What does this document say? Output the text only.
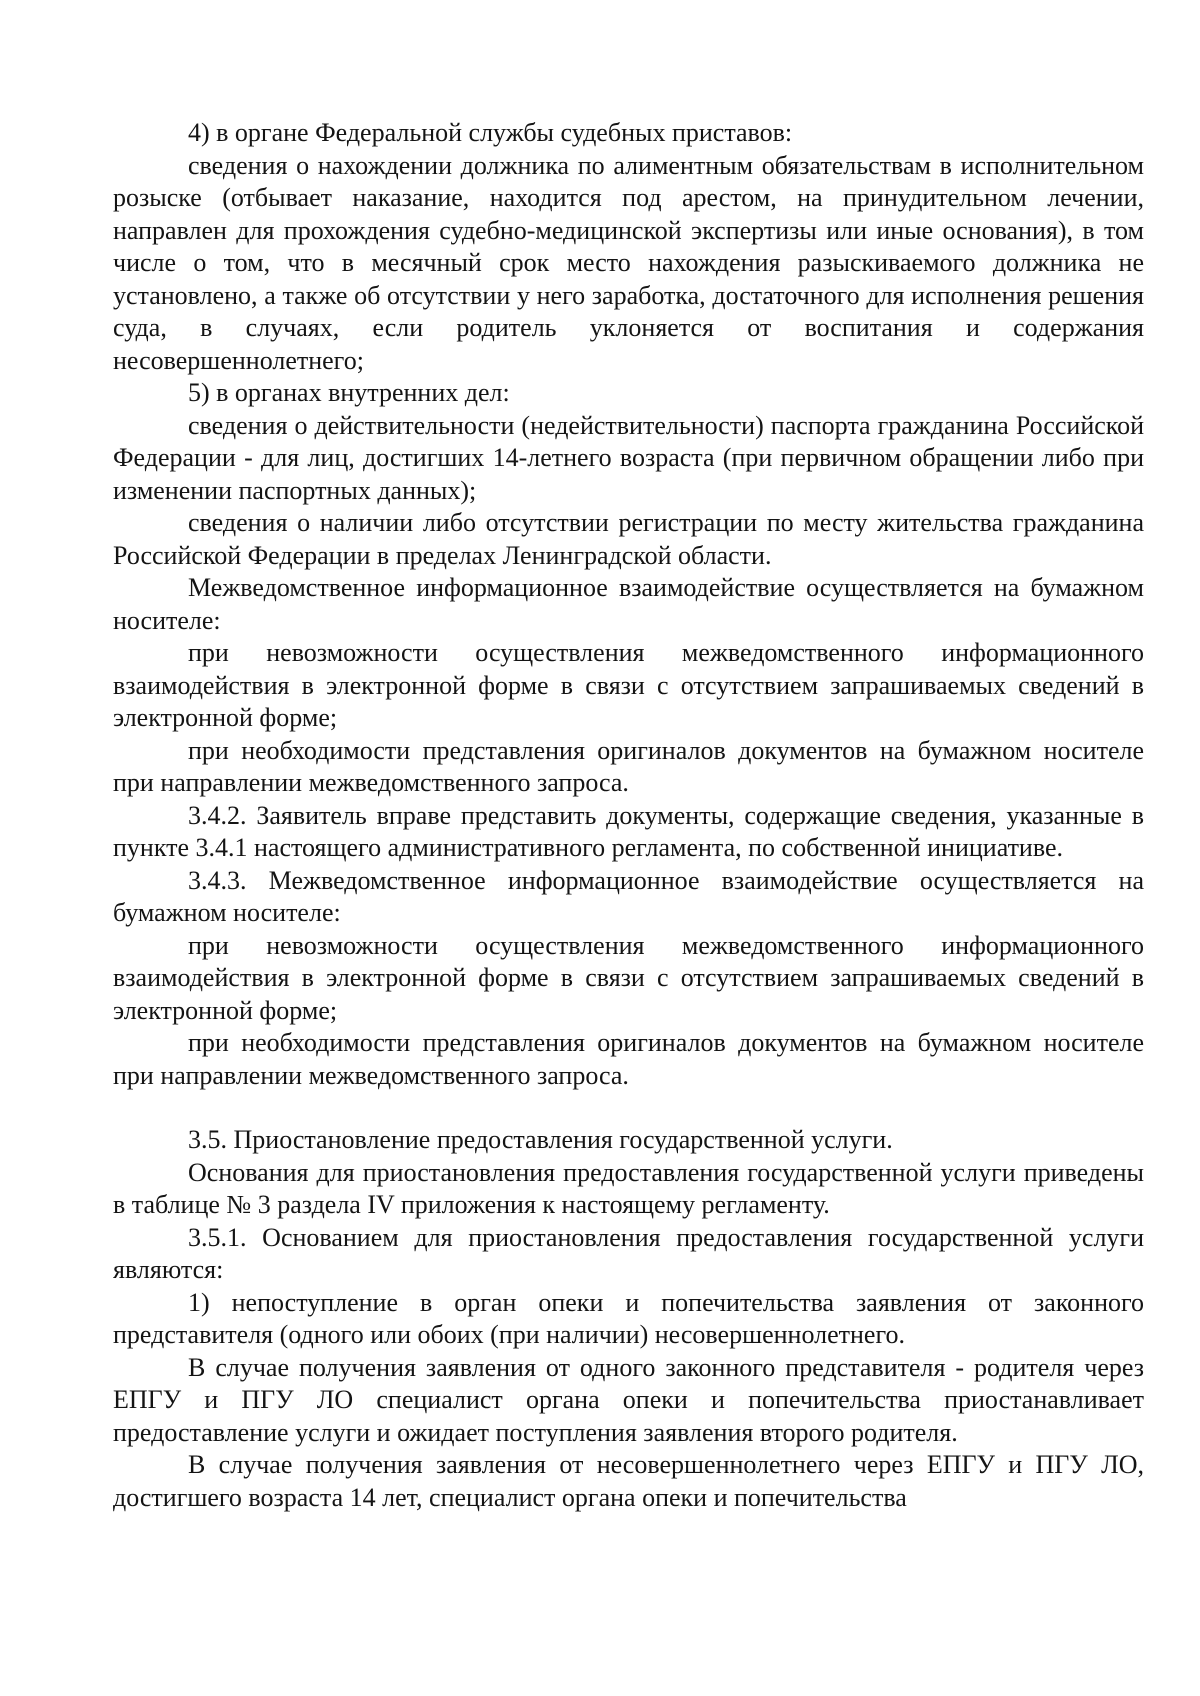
4) в органе Федеральной службы судебных приставов:

сведения о нахождении должника по алиментным обязательствам в исполнительном розыске (отбывает наказание, находится под арестом, на принудительном лечении, направлен для прохождения судебно-медицинской экспертизы или иные основания), в том числе о том, что в месячный срок место нахождения разыскиваемого должника не установлено, а также об отсутствии у него заработка, достаточного для исполнения решения суда, в случаях, если родитель уклоняется от воспитания и содержания несовершеннолетнего;

5) в органах внутренних дел:

сведения о действительности (недействительности) паспорта гражданина Российской Федерации - для лиц, достигших 14-летнего возраста (при первичном обращении либо при изменении паспортных данных);

сведения о наличии либо отсутствии регистрации по месту жительства гражданина Российской Федерации в пределах Ленинградской области.

Межведомственное информационное взаимодействие осуществляется на бумажном носителе:

при невозможности осуществления межведомственного информационного взаимодействия в электронной форме в связи с отсутствием запрашиваемых сведений в электронной форме;

при необходимости представления оригиналов документов на бумажном носителе при направлении межведомственного запроса.

3.4.2. Заявитель вправе представить документы, содержащие сведения, указанные в пункте 3.4.1 настоящего административного регламента, по собственной инициативе.

3.4.3. Межведомственное информационное взаимодействие осуществляется на бумажном носителе:

при невозможности осуществления межведомственного информационного взаимодействия в электронной форме в связи с отсутствием запрашиваемых сведений в электронной форме;

при необходимости представления оригиналов документов на бумажном носителе при направлении межведомственного запроса.

3.5. Приостановление предоставления государственной услуги.

Основания для приостановления предоставления государственной услуги приведены в таблице № 3 раздела IV приложения к настоящему регламенту.

3.5.1. Основанием для приостановления предоставления государственной услуги являются:

1) непоступление в орган опеки и попечительства заявления от законного представителя (одного или обоих (при наличии) несовершеннолетнего.

В случае получения заявления от одного законного представителя - родителя через ЕПГУ и ПГУ ЛО специалист органа опеки и попечительства приостанавливает предоставление услуги и ожидает поступления заявления второго родителя.

В случае получения заявления от несовершеннолетнего через ЕПГУ и ПГУ ЛО, достигшего возраста 14 лет, специалист органа опеки и попечительства
